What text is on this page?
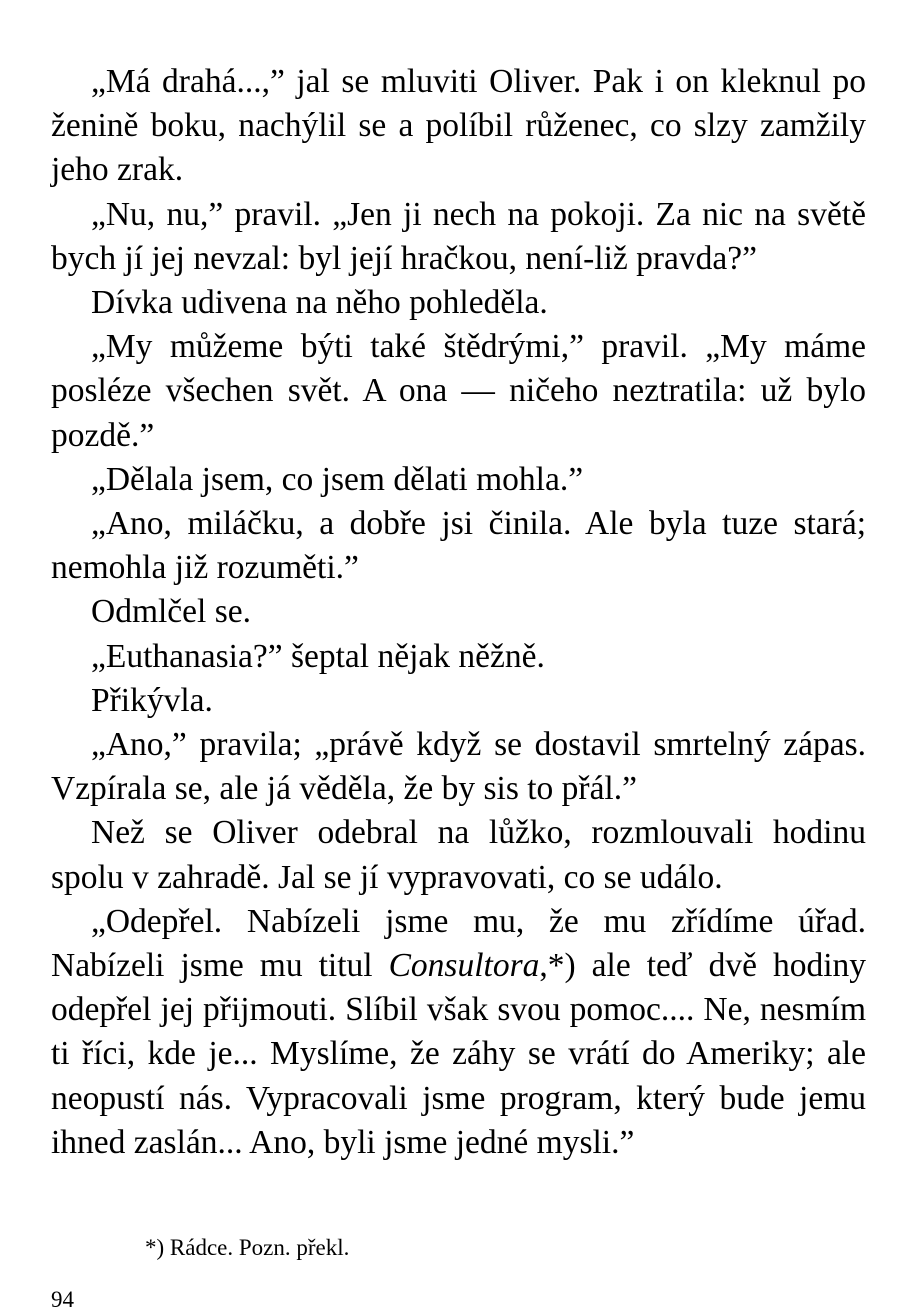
„Má drahá...,” jal se mluviti Oliver. Pak i on kleknul po ženině boku, nachýlil se a políbil růženec, co slzy zamžily jeho zrak.

„Nu, nu,” pravil. „Jen ji nech na pokoji. Za nic na světě bych jí jej nevzal: byl její hračkou, není-liž pravda?”

Dívka udivena na něho pohleděla.

„My můžeme býti také štědrými,” pravil. „My máme posléze všechen svět. A ona — ničeho neztratila: už bylo pozdě.”

„Dělala jsem, co jsem dělati mohla.”

„Ano, miláčku, a dobře jsi činila. Ale byla tuze stará; nemohla již rozuměti.”

Odmlčel se.

„Euthanasia?” šeptal nějak něžně.

Přikývla.

„Ano,” pravila; „právě když se dostavil smrtelný zápas. Vzpírala se, ale já věděla, že by sis to přál.”

Než se Oliver odebral na lůžko, rozmlouvali hodinu spolu v zahradě. Jal se jí vypravovati, co se událo.

„Odepřel. Nabízeli jsme mu, že mu zřídíme úřad. Nabízeli jsme mu titul Consultora,*) ale teď dvě hodiny odepřel jej přijmouti. Slíbil však svou pomoc.... Ne, nesmím ti říci, kde je... Myslíme, že záhy se vrátí do Ameriky; ale neopustí nás. Vypracovali jsme program, který bude jemu ihned zaslán... Ano, byli jsme jedné mysli.”

*) Rádce. Pozn. překl.

94
